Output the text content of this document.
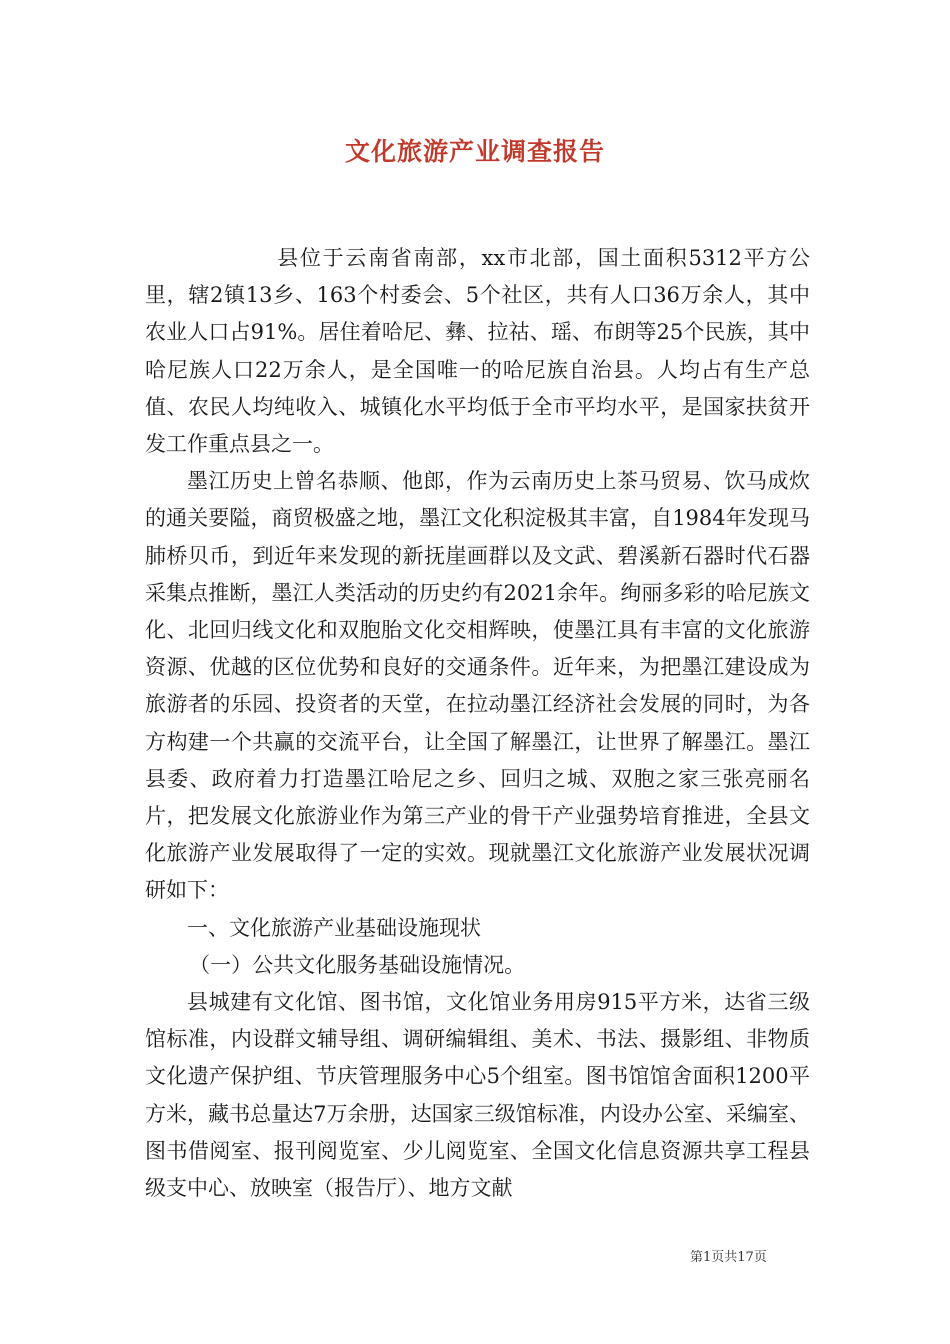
文化旅游产业调查报告

县位于云南省南部，xx市北部，国土面积5312平方公里，辖2镇13乡、163个村委会、5个社区，共有人口36万余人，其中农业人口占91%。居住着哈尼、彝、拉祜、瑶、布朗等25个民族，其中哈尼族人口22万余人，是全国唯一的哈尼族自治县。人均占有生产总值、农民人均纯收入、城镇化水平均低于全市平均水平，是国家扶贫开发工作重点县之一。

墨江历史上曾名恭顺、他郎，作为云南历史上茶马贸易、饮马成炊的通关要隘，商贸极盛之地，墨江文化积淀极其丰富，自1984年发现马肺桥贝币，到近年来发现的新抚崖画群以及文武、碧溪新石器时代石器采集点推断，墨江人类活动的历史约有2021余年。绚丽多彩的哈尼族文化、北回归线文化和双胞胎文化交相辉映，使墨江具有丰富的文化旅游资源、优越的区位优势和良好的交通条件。近年来，为把墨江建设成为旅游者的乐园、投资者的天堂，在拉动墨江经济社会发展的同时，为各方构建一个共赢的交流平台，让全国了解墨江，让世界了解墨江。墨江县委、政府着力打造墨江哈尼之乡、回归之城、双胞之家三张亮丽名片，把发展文化旅游业作为第三产业的骨干产业强势培育推进，全县文化旅游产业发展取得了一定的实效。现就墨江文化旅游产业发展状况调研如下：

一、文化旅游产业基础设施现状

（一）公共文化服务基础设施情况。

县城建有文化馆、图书馆，文化馆业务用房915平方米，达省三级馆标准，内设群文辅导组、调研编辑组、美术、书法、摄影组、非物质文化遗产保护组、节庆管理服务中心5个组室。图书馆馆舍面积1200平方米，藏书总量达7万余册，达国家三级馆标准，内设办公室、采编室、图书借阅室、报刊阅览室、少儿阅览室、全国文化信息资源共享工程县级支中心、放映室（报告厅）、地方文献

第1页共17页
